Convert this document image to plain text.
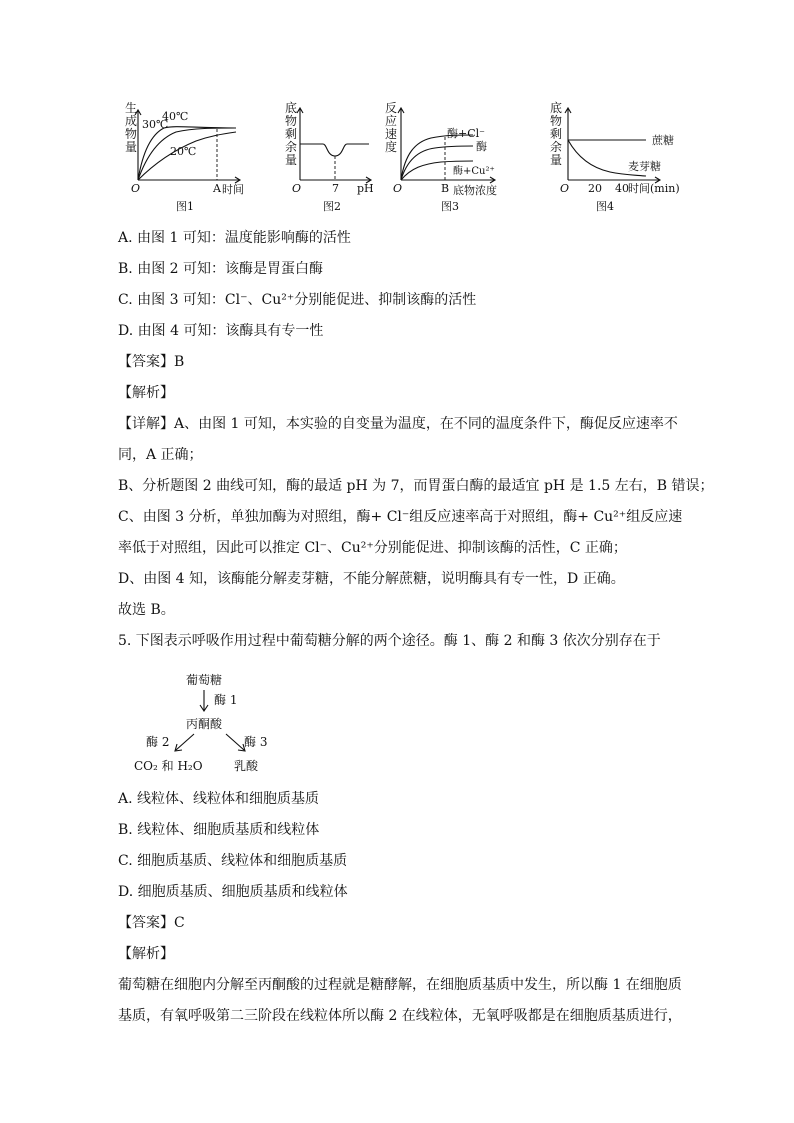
生
成
物
量
40℃
30℃
20℃
O	A 时间
图1
底
物
剩
余
量
O	7 pH
图2
反
应
速
度
酶+Cl⁻
酶
酶+Cu²⁺
O	B 底物浓度
图3
底
物
剩
余
量
蔗糖
麦芽糖
O 20 40 时间(min)
图4
A. 由图 1 可知：温度能影响酶的活性
B. 由图 2 可知：该酶是胃蛋白酶
C. 由图 3 可知：Cl⁻、Cu²⁺分别能促进、抑制该酶的活性
D. 由图 4 可知：该酶具有专一性
【答案】B
【解析】
【详解】A、由图 1 可知，本实验的自变量为温度，在不同的温度条件下，酶促反应速率不
同，A 正确；
B、分析题图 2 曲线可知，酶的最适 pH 为 7，而胃蛋白酶的最适宜 pH 是 1.5 左右，B 错误；
C、由图 3 分析，单独加酶为对照组，酶+ Cl⁻组反应速率高于对照组，酶+ Cu²⁺组反应速
率低于对照组，因此可以推定 Cl⁻、Cu²⁺分别能促进、抑制该酶的活性，C 正确；
D、由图 4 知，该酶能分解麦芽糖，不能分解蔗糖，说明酶具有专一性，D 正确。
故选 B。
5. 下图表示呼吸作用过程中葡萄糖分解的两个途径。酶 1、酶 2 和酶 3 依次分别存在于
葡萄糖
酶 1
丙酮酸
酶 2	酶 3
CO₂ 和 H₂O	乳酸
A. 线粒体、线粒体和细胞质基质
B. 线粒体、细胞质基质和线粒体
C. 细胞质基质、线粒体和细胞质基质
D. 细胞质基质、细胞质基质和线粒体
【答案】C
【解析】
葡萄糖在细胞内分解至丙酮酸的过程就是糖酵解，在细胞质基质中发生，所以酶 1 在细胞质
基质，有氧呼吸第二三阶段在线粒体所以酶 2 在线粒体，无氧呼吸都是在细胞质基质进行，
